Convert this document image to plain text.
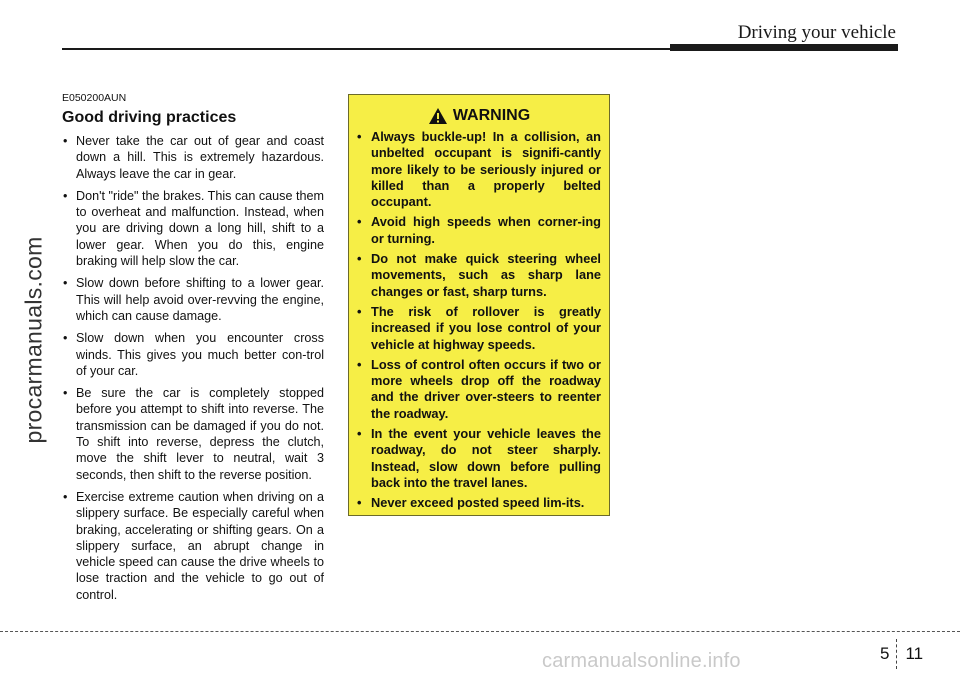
Driving your vehicle
procarmanuals.com
E050200AUN
Good driving practices
• Never take the car out of gear and coast down a hill. This is extremely hazardous. Always leave the car in gear.
• Don't "ride" the brakes. This can cause them to overheat and malfunction. Instead, when you are driving down a long hill, shift to a lower gear. When you do this, engine braking will help slow the car.
• Slow down before shifting to a lower gear. This will help avoid over-revving the engine, which can cause damage.
• Slow down when you encounter cross winds. This gives you much better con-trol of your car.
• Be sure the car is completely stopped before you attempt to shift into reverse. The transmission can be damaged if you do not. To shift into reverse, depress the clutch, move the shift lever to neutral, wait 3 seconds, then shift to the reverse position.
• Exercise extreme caution when driving on a slippery surface. Be especially careful when braking, accelerating or shifting gears. On a slippery surface, an abrupt change in vehicle speed can cause the drive wheels to lose traction and the vehicle to go out of control.
WARNING
• Always buckle-up! In a collision, an unbelted occupant is signifi-cantly more likely to be seriously injured or killed than a properly belted occupant.
• Avoid high speeds when corner-ing or turning.
• Do not make quick steering wheel movements, such as sharp lane changes or fast, sharp turns.
• The risk of rollover is greatly increased if you lose control of your vehicle at highway speeds.
• Loss of control often occurs if two or more wheels drop off the roadway and the driver over-steers to reenter the roadway.
• In the event your vehicle leaves the roadway, do not steer sharply. Instead, slow down before pulling back into the travel lanes.
• Never exceed posted speed lim-its.
5 11
carmanualsonline.info
